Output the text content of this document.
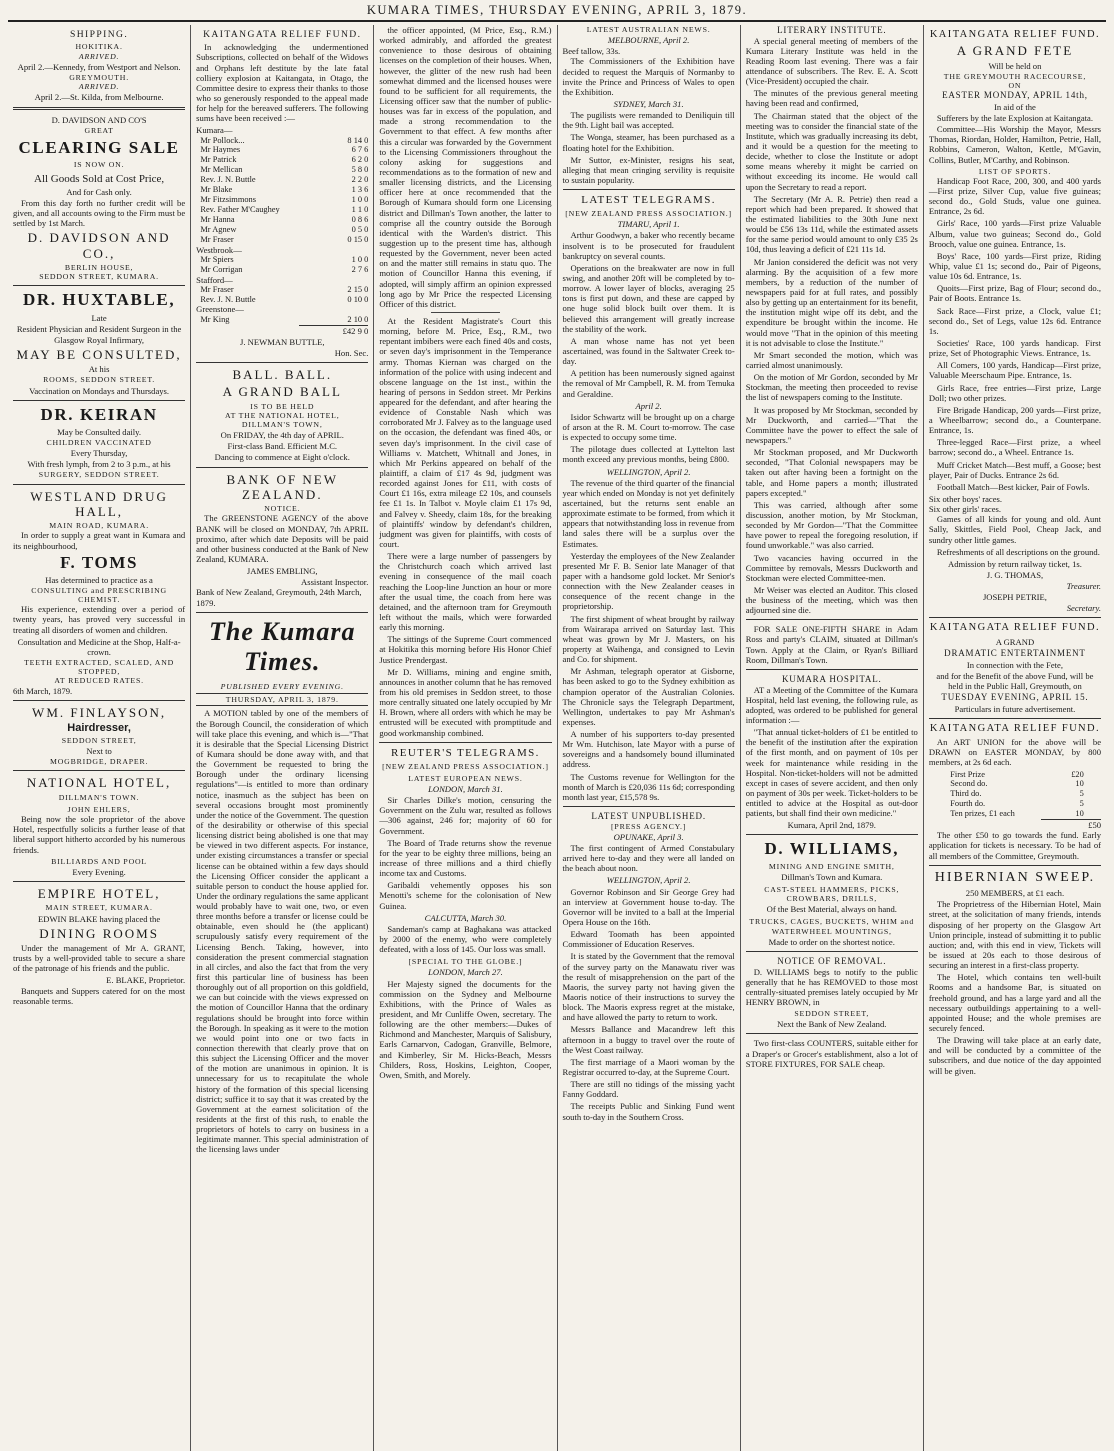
KUMARA TIMES, THURSDAY EVENING, APRIL 3, 1879.
SHIPPING.
HOKITIKA.
ARRIVED.
April 2.—Kennedy, from Westport and Nelson.
GREYMOUTH.
ARRIVED.
April 2.—St. Kilda, from Melbourne.
D. DAVIDSON AND CO'S
GREAT
CLEARING SALE
IS NOW ON.
All Goods Sold at Cost Price,
And for Cash only.

From this day forth no further credit will be given, and all accounts owing to the Firm must be settled by 1st March.

D. DAVIDSON AND CO.,
BERLIN HOUSE,
SEDDON STREET, KUMARA.
DR. HUXTABLE,
Late
Resident Physician and Resident Surgeon in the
Glasgow Royal Infirmary,
MAY BE CONSULTED,
At his
ROOMS, SEDDON STREET.
Vaccination on Mondays and Thursdays.
DR. KEIRAN
May be Consulted daily.
CHILDREN VACCINATED
Every Thursday,
With fresh lymph, from 2 to 3 p.m., at his
SURGERY, SEDDON STREET.
WESTLAND DRUG HALL,
MAIN ROAD, KUMARA.

In order to supply a great want in Kumara and its neighbourhood,

F. TOMS
Has determined to practice as a
CONSULTING and PRESCRIBING CHEMIST.

His experience, extending over a period of twenty years, has proved very successful in treating all disorders of women and children.

Consultation and Medicine at the Shop, Half-a-crown.
TEETH EXTRACTED, SCALED, AND STOPPED,
AT REDUCED RATES.
6th March, 1879.
WM. FINLAYSON,
Hairdresser,
SEDDON STREET,
Next to
MOGBRIDGE, DRAPER.
NATIONAL HOTEL,
DILLMAN'S TOWN.
JOHN EHLERS,

Being now the sole proprietor of the above Hotel, respectfully solicits a further lease of that liberal support hitherto accorded by his numerous friends.

BILLIARDS AND POOL
Every Evening.
EMPIRE HOTEL,
MAIN STREET, KUMARA.
EDWIN BLAKE having placed the
DINING ROOMS

Under the management of Mr A. GRANT, trusts by a well-provided table to secure a share of the patronage of his friends and the public.

E. BLAKE, Proprietor.

Banquets and Suppers catered for on the most reasonable terms.

KAITANGATA RELIEF FUND.

In acknowledging the undermentioned Subscriptions, collected on behalf of the Widows and Orphans left destitute by the late fatal colliery explosion at Kaitangata, in Otago, the Committee desire to express their thanks to those who so generously responded to the appeal made for help for the bereaved sufferers. The following sums have been received :—

Kumara—
Mr Pollock...	8 14 0
Mr Haymes	6 7 6
Mr Patrick	6 2 0
Mr Mellican	5 8 0
Rev. J. N. Buttle	2 2 0
Mr Blake	1 3 6
Mr Fitzsimmons	1 0 0
Rev. Father M'Caughey	1 1 0
Mr Hanna	0 8 6
Mr Agnew	0 5 0
Mr Fraser	0 15 0
Westbrook—
Mr Spiers	1 0 0
Mr Corrigan	2 7 6
Stafford—
Mr Fraser	2 15 0
Rev. J. N. Buttle	0 10 0
Greenstone—
Mr King	2 10 0
£42 9 0
J. NEWMAN BUTTLE,
Hon. Sec.
BALL. BALL.
A GRAND BALL
IS TO BE HELD
AT THE NATIONAL HOTEL,
DILLMAN'S TOWN,
On FRIDAY, the 4th day of APRIL.
First-class Band. Efficient M.C.
Dancing to commence at Eight o'clock.
BANK OF NEW ZEALAND.
NOTICE.

The GREENSTONE AGENCY of the above BANK will be closed on MONDAY, 7th APRIL proximo, after which date Deposits will be paid and other business conducted at the Bank of New Zealand, KUMARA.

JAMES EMBLING,
Assistant Inspector.
Bank of New Zealand, Greymouth, 24th March, 1879.
The Kumara Times.
PUBLISHED EVERY EVENING.
THURSDAY, APRIL 3, 1879.

A MOTION tabled by one of the members of the Borough Council, the consideration of which will take place this evening, and which is—"That it is desirable that the Special Licensing District of Kumara should be done away with, and that the Government be requested to bring the Borough under the ordinary licensing regulations"—is entitled to more than ordinary notice, inasmuch as the subject has been on several occasions brought most prominently under the notice of the Government. The question of the desirability or otherwise of this special licensing district being abolished is one that may be viewed in two different aspects. For instance, under existing circumstances a transfer or special license can be obtained within a few days should the Licensing Officer consider the applicant a suitable person to conduct the house applied for. Under the ordinary regulations the same applicant would probably have to wait one, two, or even three months before a transfer or license could be obtainable, even should he (the applicant) scrupulously satisfy every requirement of the Licensing Bench. Taking, however, into consideration the present commercial stagnation in all circles, and also the fact that from the very first this particular line of business has been thoroughly out of all proportion on this goldfield, we can but coincide with the views expressed on the motion of Councillor Hanna that the ordinary regulations should be brought into force within the Borough. In speaking as it were to the motion we would point into one or two facts in connection therewith that clearly prove that on this subject the Licensing Officer and the mover of the motion are unanimous in opinion. It is unnecessary for us to recapitulate the whole history of the formation of this special licensing district; suffice it to say that it was created by the Government at the earnest solicitation of the residents at the first of this rush, to enable the proprietors of hotels to carry on business in a legitimate manner. This special administration of the licensing laws under

the officer appointed, (M Price, Esq., R.M.) worked admirably, and afforded the greatest convenience to those desirous of obtaining licenses on the completion of their houses. When, however, the glitter of the new rush had been somewhat dimmed and the licensed houses were found to be sufficient for all requirements, the Licensing officer saw that the number of public-houses was far in excess of the population, and made a strong recommendation to the Government to that effect. A few months after this a circular was forwarded by the Government to the Licensing Commissioners throughout the colony asking for suggestions and recommendations as to the formation of new and smaller licensing districts, and the Licensing officer here at once recommended that the Borough of Kumara should form one Licensing district and Dillman's Town another, the latter to comprise all the country outside the Borough identical with the Warden's district. This suggestion up to the present time has, although requested by the Government, never been acted on and the matter still remains in statu quo. The motion of Councillor Hanna this evening, if adopted, will simply affirm an opinion expressed long ago by Mr Price the respected Licensing Officer of this district.

At the Resident Magistrate's Court this morning, before M. Price, Esq., R.M., two repentant imbibers were each fined 40s and costs, or seven day's imprisonment in the Temperance army. Thomas Kiernan was charged on the information of the police with using indecent and obscene language on the 1st inst., within the hearing of persons in Seddon street. Mr Perkins appeared for the defendant, and after hearing the evidence of Constable Nash which was corroborated Mr J. Falvey as to the language used on the occasion, the defendant was fined 40s, or seven day's imprisonment. In the civil case of Williams v. Matchett, Whitnall and Jones, in which Mr Perkins appeared on behalf of the plaintiff, a claim of £17 4s 9d, judgment was recorded against Jones for £11, with costs of Court £1 16s, extra mileage £2 10s, and counsels fee £1 1s. In Talbot v. Moyle claim £1 17s 9d, and Falvey v. Sheedy, claim 18s, for the breaking of plaintiffs' window by defendant's children, judgment was given for plaintiffs, with costs of court.

There were a large number of passengers by the Christchurch coach which arrived last evening in consequence of the mail coach reaching the Loop-line Junction an hour or more after the usual time, the coach from here was detained, and the afternoon tram for Greymouth left without the mails, which were forwarded early this morning.

The sittings of the Supreme Court commenced at Hokitika this morning before His Honor Chief Justice Prendergast.

Mr D. Williams, mining and engine smith, announces in another column that he has removed from his old premises in Seddon street, to those more centrally situated one lately occupied by Mr H. Brown, where all orders with which he may be entrusted will be executed with promptitude and good workmanship combined.

REUTER'S TELEGRAMS.
[NEW ZEALAND PRESS ASSOCIATION.]
LATEST EUROPEAN NEWS.
LONDON, March 31.

Sir Charles Dilke's motion, censuring the Government on the Zulu war, resulted as follows—306 against, 246 for; majority of 60 for Government.

The Board of Trade returns show the revenue for the year to be eighty three millions, being an increase of three millions and a third chiefly income tax and Customs.

Garibaldi vehemently opposes his son Menotti's scheme for the colonisation of New Guinea.

CALCUTTA, March 30.

Sandeman's camp at Baghakana was attacked by 2000 of the enemy, who were completely defeated, with a loss of 145. Our loss was small.

[SPECIAL TO THE GLOBE.]
LONDON, March 27.

Her Majesty signed the documents for the commission on the Sydney and Melbourne Exhibitions, with the Prince of Wales as president, and Mr Cunliffe Owen, secretary. The following are the other members:—Dukes of Richmond and Manchester, Marquis of Salisbury, Earls Carnarvon, Cadogan, Granville, Belmore, and Kimberley, Sir M. Hicks-Beach, Messrs Childers, Ross, Hoskins, Leighton, Cooper, Owen, Smith, and Morely.

LATEST AUSTRALIAN NEWS.
MELBOURNE, April 2.
Beef tallow, 33s.

The Commissioners of the Exhibition have decided to request the Marquis of Normanby to invite the Prince and Princess of Wales to open the Exhibition.

SYDNEY, March 31.

The pugilists were remanded to Deniliquin till the 9th. Light bail was accepted.

The Wonga, steamer, has been purchased as a floating hotel for the Exhibition.

Mr Suttor, ex-Minister, resigns his seat, alleging that mean cringing servility is requisite to sustain popularity.

LATEST TELEGRAMS.
[NEW ZEALAND PRESS ASSOCIATION.]
TIMARU, April 1.

Arthur Goodwyn, a baker who recently became insolvent is to be prosecuted for fraudulent bankruptcy on several counts.

Operations on the breakwater are now in full swing, and another 20ft will be completed by to-morrow. A lower layer of blocks, averaging 25 tons is first put down, and these are capped by one huge solid block built over them. It is believed this arrangement will greatly increase the stability of the work.

A man whose name has not yet been ascertained, was found in the Saltwater Creek to-day.

A petition has been numerously signed against the removal of Mr Campbell, R. M. from Temuka and Geraldine.

April 2.

Isidor Schwartz will be brought up on a charge of arson at the R. M. Court to-morrow. The case is expected to occupy some time.

The pilotage dues collected at Lyttelton last month exceed any previous months, being £800.

WELLINGTON, April 2.

The revenue of the third quarter of the financial year which ended on Monday is not yet definitely ascertained, but the returns sent enable an approximate estimate to be formed, from which it appears that notwithstanding loss in revenue from land sales there will be a surplus over the Estimates.

Yesterday the employees of the New Zealander presented Mr F. B. Senior late Manager of that paper with a handsome gold locket. Mr Senior's connection with the New Zealander ceases in consequence of the recent change in the proprietorship.

The first shipment of wheat brought by railway from Wairarapa arrived on Saturday last. This wheat was grown by Mr J. Masters, on his property at Waihenga, and consigned to Levin and Co. for shipment.

Mr Ashman, telegraph operator at Gisborne, has been asked to go to the Sydney exhibition as champion operator of the Australian Colonies. The Chronicle says the Telegraph Department, Wellington, undertakes to pay Mr Ashman's expenses.

A number of his supporters to-day presented Mr Wm. Hutchison, late Mayor with a purse of sovereigns and a handsomely bound illuminated address.

The Customs revenue for Wellington for the month of March is £20,036 11s 6d; corresponding month last year, £15,578 9s.

LATEST UNPUBLISHED.
[PRESS AGENCY.]
OPUNAKE, April 3.

The first contingent of Armed Constabulary arrived here to-day and they were all landed on the beach about noon.

WELLINGTON, April 2.

Governor Robinson and Sir George Grey had an interview at Government house to-day. The Governor will be invited to a ball at the Imperial Opera House on the 16th.

Edward Toomath has been appointed Commissioner of Education Reserves.

It is stated by the Government that the removal of the survey party on the Manawatu river was the result of misapprehension on the part of the Maoris, the survey party not having given the Maoris notice of their instructions to survey the block. The Maoris express regret at the mistake, and have allowed the party to return to work.

Messrs Ballance and Macandrew left this afternoon in a buggy to travel over the route of the West Coast railway.

The first marriage of a Maori woman by the Registrar occurred to-day, at the Supreme Court.

There are still no tidings of the missing yacht Fanny Goddard.

The receipts Public and Sinking Fund went south to-day in the Southern Cross.

LITERARY INSTITUTE.

A special general meeting of members of the Kumara Literary Institute was held in the Reading Room last evening. There was a fair attendance of subscribers. The Rev. E. A. Scott (Vice-President) occupied the chair.

The minutes of the previous general meeting having been read and confirmed,

The Chairman stated that the object of the meeting was to consider the financial state of the Institute, which was gradually increasing its debt, and it would be a question for the meeting to decide, whether to close the Institute or adopt some means whereby it might be carried on without exceeding its income. He would call upon the Secretary to read a report.

The Secretary (Mr A. R. Petrie) then read a report which had been prepared. It showed that the estimated liabilities to the 30th June next would be £56 13s 11d, while the estimated assets for the same period would amount to only £35 2s 10d, thus leaving a deficit of £21 11s 1d.

Mr Janion considered the deficit was not very alarming. By the acquisition of a few more members, by a reduction of the number of newspapers paid for at full rates, and possibly also by getting up an entertainment for its benefit, the institution might wipe off its debt, and the expenditure be brought within the income. He would move "That in the opinion of this meeting it is not advisable to close the Institute."

Mr Smart seconded the motion, which was carried almost unanimously.

On the motion of Mr Gordon, seconded by Mr Stockman, the meeting then proceeded to revise the list of newspapers coming to the Institute.

It was proposed by Mr Stockman, seconded by Mr Duckworth, and carried—"That the Committee have the power to effect the sale of newspapers."

Mr Stockman proposed, and Mr Duckworth seconded, "That Colonial newspapers may be taken out after having been a fortnight on the table, and Home papers a month; illustrated papers excepted."

This was carried, although after some discussion, another motion, by Mr Stockman, seconded by Mr Gordon—"That the Committee have power to repeal the foregoing resolution, if found unworkable." was also carried.

Two vacancies having occurred in the Committee by removals, Messrs Duckworth and Stockman were elected Committee-men.

Mr Weiser was elected an Auditor. This closed the business of the meeting, which was then adjourned sine die.

FOR SALE ONE-FIFTH SHARE in Adam Ross and party's CLAIM, situated at Dillman's Town. Apply at the Claim, or Ryan's Billiard Room, Dillman's Town.

KUMARA HOSPITAL.

AT a Meeting of the Committee of the Kumara Hospital, held last evening, the following rule, as adopted, was ordered to be published for general information :—

"That annual ticket-holders of £1 be entitled to the benefit of the institution after the expiration of the first month, and on payment of 10s per week for maintenance while residing in the Hospital. Non-ticket-holders will not be admitted except in cases of severe accident, and then only on payment of 30s per week. Ticket-holders to be entitled to advice at the Hospital as out-door patients, but shall find their own medicine."

Kumara, April 2nd, 1879.
D. WILLIAMS,
MINING AND ENGINE SMITH,
Dillman's Town and Kumara.
CAST-STEEL HAMMERS, PICKS, CROWBARS, DRILLS,
Of the Best Material, always on hand.
TRUCKS, CAGES, BUCKETS, WHIM and WATERWHEEL MOUNTINGS,
Made to order on the shortest notice.
NOTICE OF REMOVAL.

D. WILLIAMS begs to notify to the public generally that he has REMOVED to those most centrally-situated premises lately occupied by Mr HENRY BROWN, in

SEDDON STREET,
Next the Bank of New Zealand.

Two first-class COUNTERS, suitable either for a Draper's or Grocer's establishment, also a lot of STORE FIXTURES, FOR SALE cheap.

KAITANGATA RELIEF FUND.
A GRAND FETE
Will be held on
THE GREYMOUTH RACECOURSE,
ON
EASTER MONDAY, APRIL 14th,
In aid of the
Sufferers by the late Explosion at Kaitangata.

Committee—His Worship the Mayor, Messrs Thomas, Riordan, Holder, Hamilton, Petrie, Hall, Robbins, Cameron, Walton, Kettle, M'Gavin, Collins, Butler, M'Carthy, and Robinson.

LIST OF SPORTS.

Handicap Foot Race, 200, 300, and 400 yards—First prize, Silver Cup, value five guineas; second do., Gold Studs, value one guinea. Entrance, 2s 6d.

Girls' Race, 100 yards—First prize Valuable Album, value two guineas; Second do., Gold Brooch, value one guinea. Entrance, 1s.

Boys' Race, 100 yards—First prize, Riding Whip, value £1 1s; second do., Pair of Pigeons, value 10s 6d. Entrance, 1s.

Quoits—First prize, Bag of Flour; second do., Pair of Boots. Entrance 1s.

Sack Race—First prize, a Clock, value £1; second do., Set of Legs, value 12s 6d. Entrance 1s.

Societies' Race, 100 yards handicap. First prize, Set of Photographic Views. Entrance, 1s.

All Comers, 100 yards, Handicap—First prize, Valuable Meerschaum Pipe. Entrance, 1s.

Girls Race, free entries—First prize, Large Doll; two other prizes.

Fire Brigade Handicap, 200 yards—First prize, a Wheelbarrow; second do., a Counterpane. Entrance, 1s.

Three-legged Race—First prize, a wheel barrow; second do., a Wheel. Entrance 1s.

Muff Cricket Match—Best muff, a Goose; best player, Pair of Ducks. Entrance 2s 6d.

Football Match—Best kicker, Pair of Fowls.

Six other boys' races.
Six other girls' races.

Games of all kinds for young and old. Aunt Sally, Skittles, Field Pool, Cheap Jack, and sundry other little games.

Refreshments of all descriptions on the ground.

Admission by return railway ticket, 1s.
J. G. THOMAS,
Treasurer.
JOSEPH PETRIE,
Secretary.
KAITANGATA RELIEF FUND.
A GRAND
DRAMATIC ENTERTAINMENT
In connection with the Fete,
and for the Benefit of the above Fund, will be held in the Public Hall, Greymouth, on
TUESDAY EVENING, APRIL 15.
Particulars in future advertisement.
KAITANGATA RELIEF FUND.

An ART UNION for the above will be DRAWN on EASTER MONDAY, by 800 members, at 2s 6d each.

First Prize	£20
Second do.	10
Third do.	5
Fourth do.	5
Ten prizes, £1 each	10
£50

The other £50 to go towards the fund. Early application for tickets is necessary. To be had of all members of the Committee, Greymouth.

HIBERNIAN SWEEP.
250 MEMBERS, at £1 each.

The Proprietress of the Hibernian Hotel, Main street, at the solicitation of many friends, intends disposing of her property on the Glasgow Art Union principle, instead of submitting it to public auction; and, with this end in view, Tickets will be issued at 20s each to those desirous of securing an interest in a first-class property.

The Hotel, which contains ten well-built Rooms and a handsome Bar, is situated on freehold ground, and has a large yard and all the necessary outbuildings appertaining to a well-appointed House; and the whole premises are securely fenced.

The Drawing will take place at an early date, and will be conducted by a committee of the subscribers, and due notice of the day appointed will be given.
